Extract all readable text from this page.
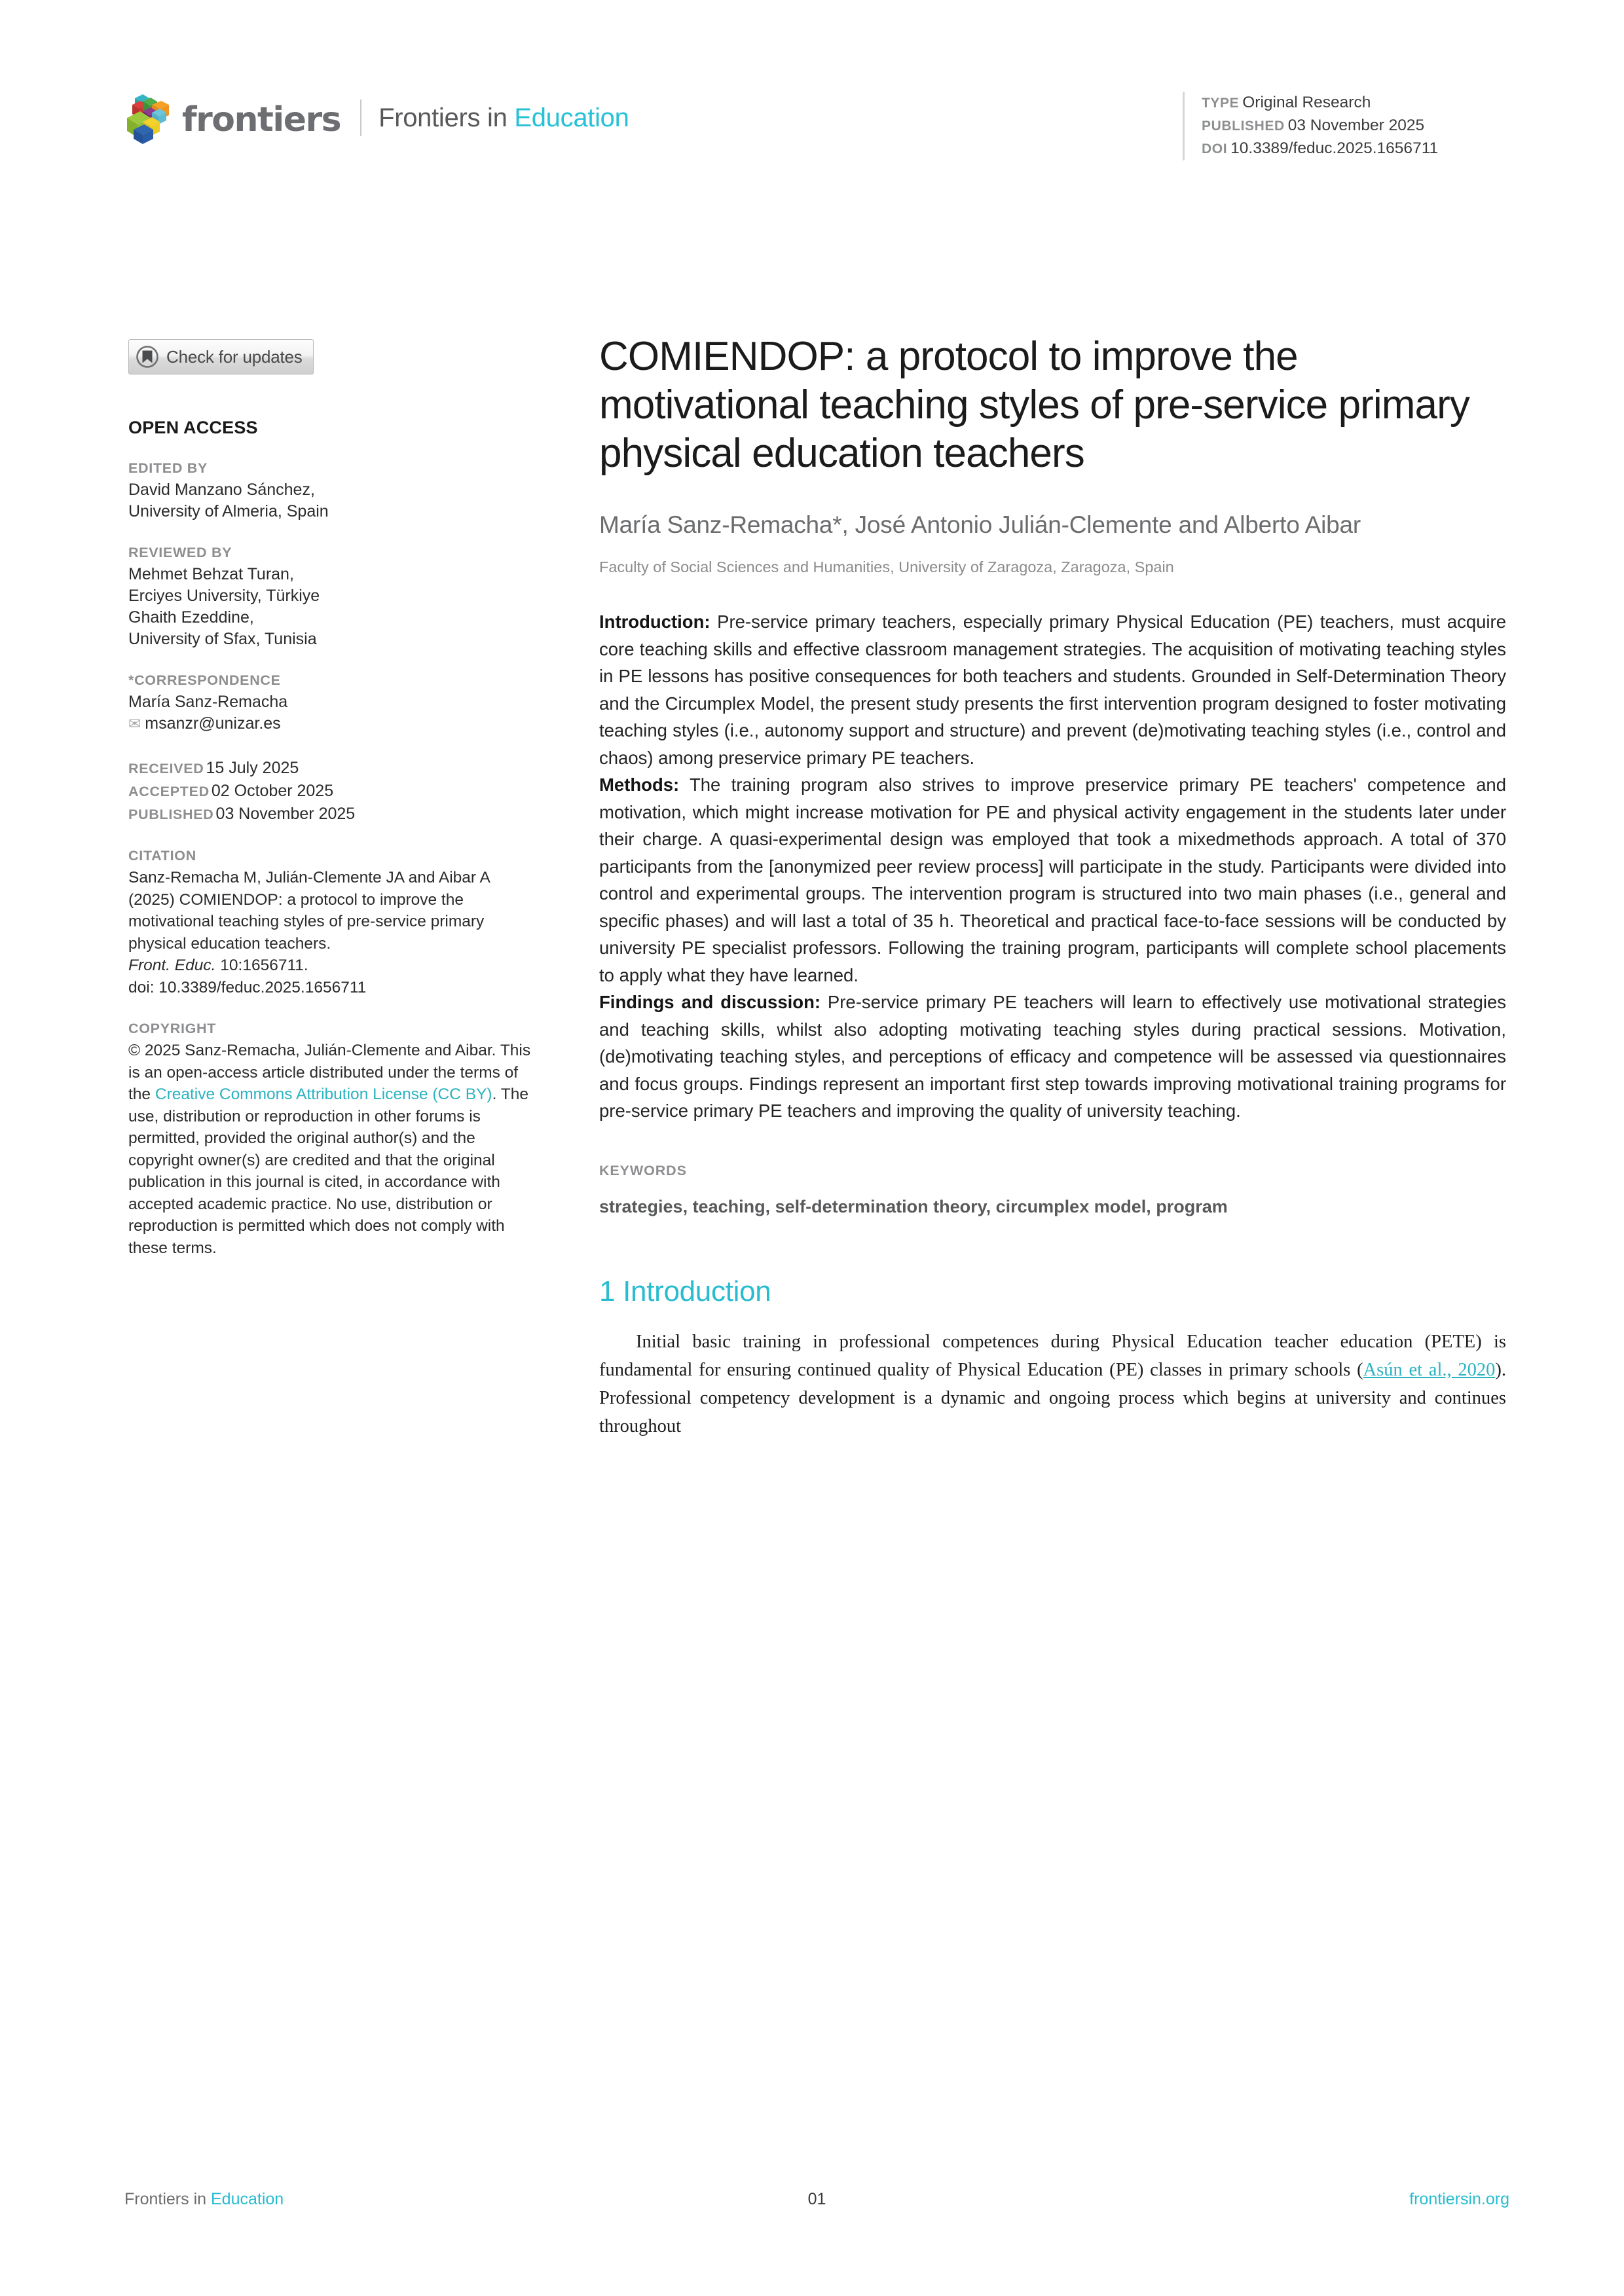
frontiers Frontiers in Education	TYPE Original Research
PUBLISHED 03 November 2025
DOI 10.3389/feduc.2025.1656711
Check for updates
OPEN ACCESS
EDITED BY
David Manzano Sánchez,
University of Almeria, Spain
REVIEWED BY
Mehmet Behzat Turan,
Erciyes University, Türkiye
Ghaith Ezeddine,
University of Sfax, Tunisia
*CORRESPONDENCE
María Sanz-Remacha
✉ msanzr@unizar.es
RECEIVED 15 July 2025
ACCEPTED 02 October 2025
PUBLISHED 03 November 2025
CITATION
Sanz-Remacha M, Julián-Clemente JA and Aibar A (2025) COMIENDOP: a protocol to improve the motivational teaching styles of pre-service primary physical education teachers.
Front. Educ. 10:1656711.
doi: 10.3389/feduc.2025.1656711
COPYRIGHT
© 2025 Sanz-Remacha, Julián-Clemente and Aibar. This is an open-access article distributed under the terms of the Creative Commons Attribution License (CC BY). The use, distribution or reproduction in other forums is permitted, provided the original author(s) and the copyright owner(s) are credited and that the original publication in this journal is cited, in accordance with accepted academic practice. No use, distribution or reproduction is permitted which does not comply with these terms.
COMIENDOP: a protocol to improve the motivational teaching styles of pre-service primary physical education teachers
María Sanz-Remacha*, José Antonio Julián-Clemente and Alberto Aibar
Faculty of Social Sciences and Humanities, University of Zaragoza, Zaragoza, Spain

Introduction: Pre-service primary teachers, especially primary Physical Education (PE) teachers, must acquire core teaching skills and effective classroom management strategies. The acquisition of motivating teaching styles in PE lessons has positive consequences for both teachers and students. Grounded in Self-Determination Theory and the Circumplex Model, the present study presents the first intervention program designed to foster motivating teaching styles (i.e., autonomy support and structure) and prevent (de)motivating teaching styles (i.e., control and chaos) among preservice primary PE teachers.

Methods: The training program also strives to improve preservice primary PE teachers' competence and motivation, which might increase motivation for PE and physical activity engagement in the students later under their charge. A quasi-experimental design was employed that took a mixedmethods approach. A total of 370 participants from the [anonymized peer review process] will participate in the study. Participants were divided into control and experimental groups. The intervention program is structured into two main phases (i.e., general and specific phases) and will last a total of 35 h. Theoretical and practical face-to-face sessions will be conducted by university PE specialist professors. Following the training program, participants will complete school placements to apply what they have learned.

Findings and discussion: Pre-service primary PE teachers will learn to effectively use motivational strategies and teaching skills, whilst also adopting motivating teaching styles during practical sessions. Motivation, (de)motivating teaching styles, and perceptions of efficacy and competence will be assessed via questionnaires and focus groups. Findings represent an important first step towards improving motivational training programs for pre-service primary PE teachers and improving the quality of university teaching.

KEYWORDS
strategies, teaching, self-determination theory, circumplex model, program
1 Introduction
Initial basic training in professional competences during Physical Education teacher education (PETE) is fundamental for ensuring continued quality of Physical Education (PE) classes in primary schools (Asún et al., 2020). Professional competency development is a dynamic and ongoing process which begins at university and continues throughout
Frontiers in Education	01	frontiersin.org
